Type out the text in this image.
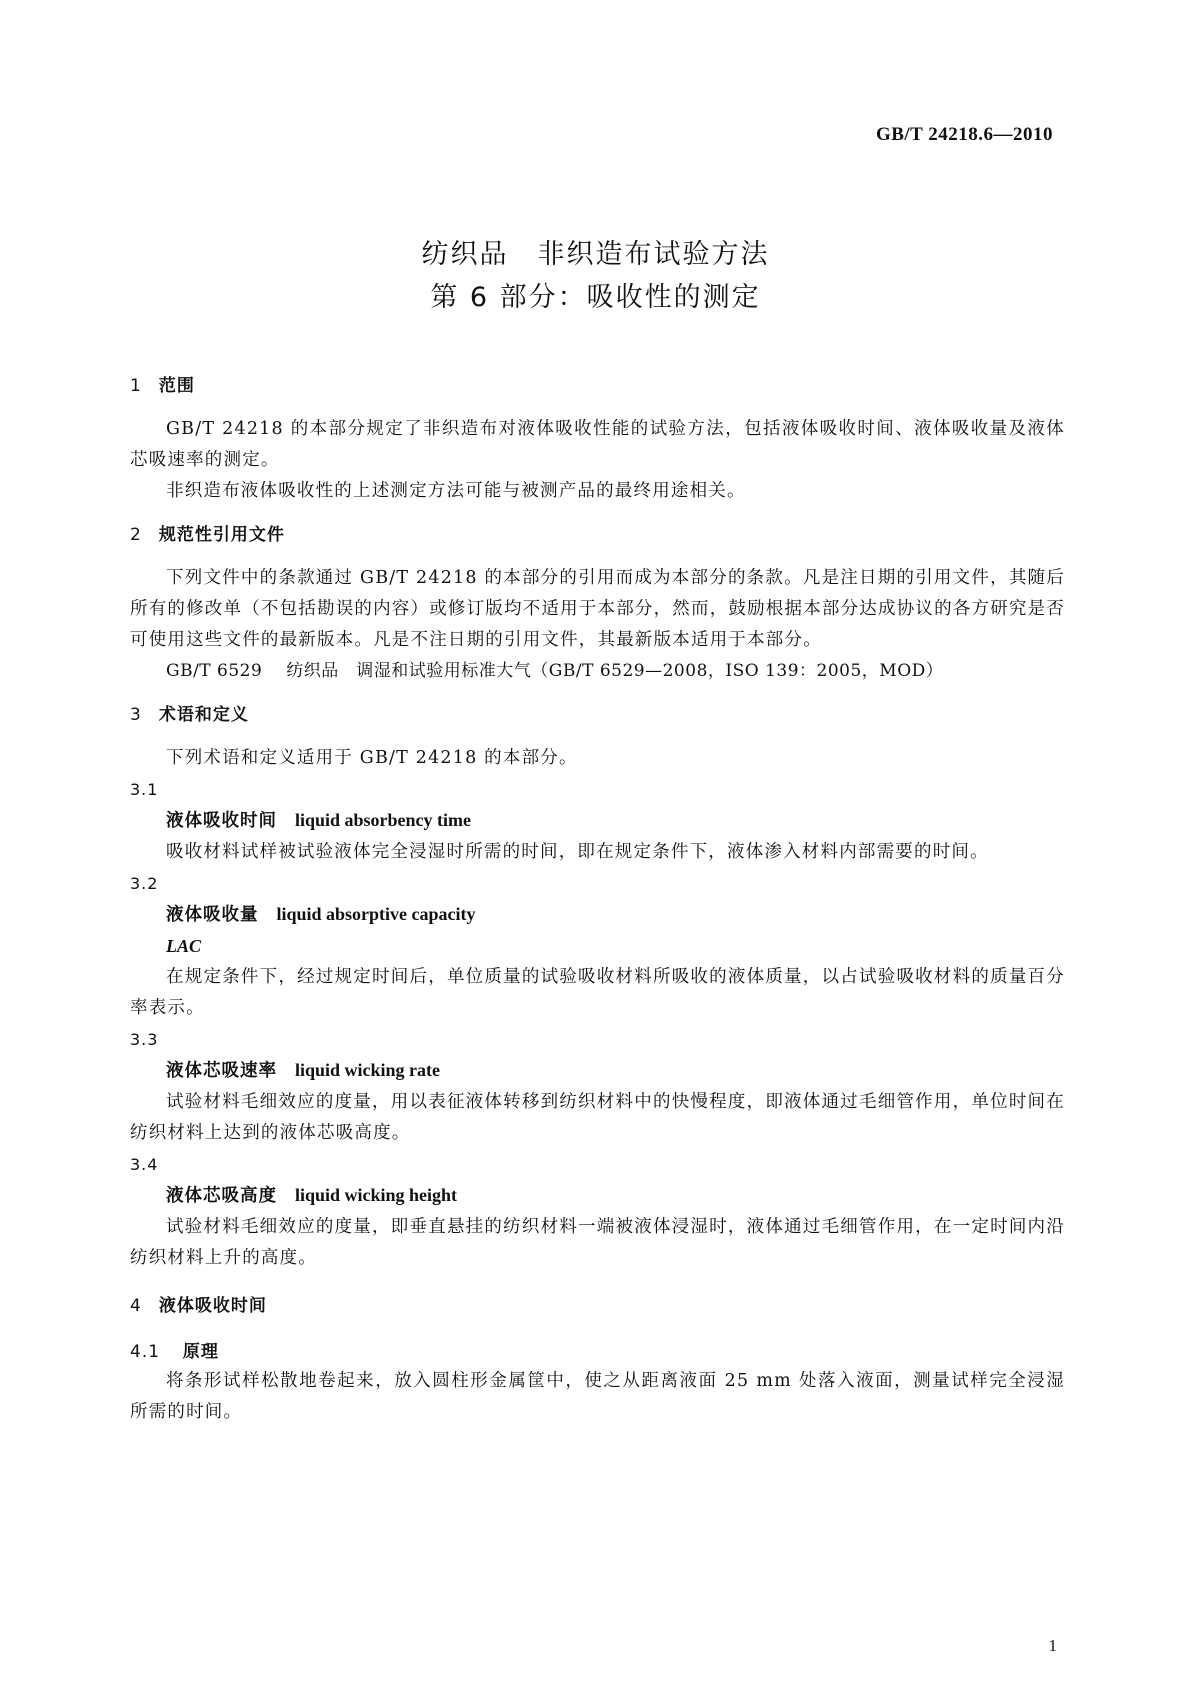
GB/T 24218.6—2010
纺织品　非织造布试验方法
第 6 部分：吸收性的测定
1 范围
GB/T 24218 的本部分规定了非织造布对液体吸收性能的试验方法，包括液体吸收时间、液体吸收量及液体芯吸速率的测定。
非织造布液体吸收性的上述测定方法可能与被测产品的最终用途相关。
2 规范性引用文件
下列文件中的条款通过 GB/T 24218 的本部分的引用而成为本部分的条款。凡是注日期的引用文件，其随后所有的修改单（不包括勘误的内容）或修订版均不适用于本部分，然而，鼓励根据本部分达成协议的各方研究是否可使用这些文件的最新版本。凡是不注日期的引用文件，其最新版本适用于本部分。
GB/T 6529 纺织品　调湿和试验用标准大气（GB/T 6529—2008，ISO 139：2005，MOD）
3 术语和定义
下列术语和定义适用于 GB/T 24218 的本部分。
3.1
液体吸收时间 liquid absorbency time
吸收材料试样被试验液体完全浸湿时所需的时间，即在规定条件下，液体渗入材料内部需要的时间。
3.2
液体吸收量 liquid absorptive capacity
LAC
在规定条件下，经过规定时间后，单位质量的试验吸收材料所吸收的液体质量，以占试验吸收材料的质量百分率表示。
3.3
液体芯吸速率 liquid wicking rate
试验材料毛细效应的度量，用以表征液体转移到纺织材料中的快慢程度，即液体通过毛细管作用，单位时间在纺织材料上达到的液体芯吸高度。
3.4
液体芯吸高度 liquid wicking height
试验材料毛细效应的度量，即垂直悬挂的纺织材料一端被液体浸湿时，液体通过毛细管作用，在一定时间内沿纺织材料上升的高度。
4 液体吸收时间
4.1 原理
将条形试样松散地卷起来，放入圆柱形金属筐中，使之从距离液面 25 mm 处落入液面，测量试样完全浸湿所需的时间。
1
